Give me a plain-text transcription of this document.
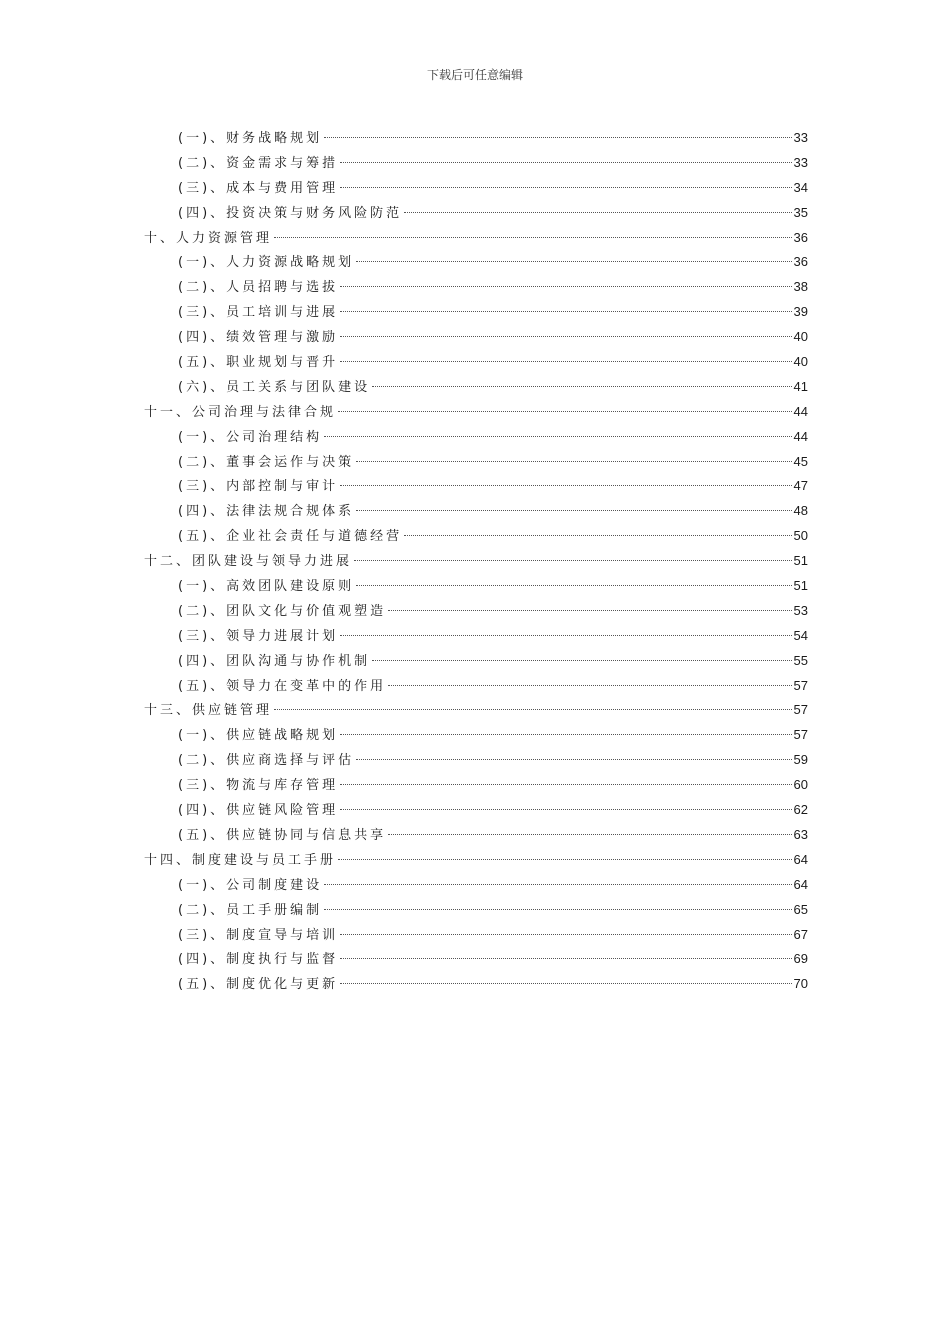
下载后可任意编辑
(一)、财务战略规划	33
(二)、资金需求与筹措	33
(三)、成本与费用管理	34
(四)、投资决策与财务风险防范	35
十、人力资源管理	36
(一)、人力资源战略规划	36
(二)、人员招聘与选拔	38
(三)、员工培训与进展	39
(四)、绩效管理与激励	40
(五)、职业规划与晋升	40
(六)、员工关系与团队建设	41
十一、公司治理与法律合规	44
(一)、公司治理结构	44
(二)、董事会运作与决策	45
(三)、内部控制与审计	47
(四)、法律法规合规体系	48
(五)、企业社会责任与道德经营	50
十二、团队建设与领导力进展	51
(一)、高效团队建设原则	51
(二)、团队文化与价值观塑造	53
(三)、领导力进展计划	54
(四)、团队沟通与协作机制	55
(五)、领导力在变革中的作用	57
十三、供应链管理	57
(一)、供应链战略规划	57
(二)、供应商选择与评估	59
(三)、物流与库存管理	60
(四)、供应链风险管理	62
(五)、供应链协同与信息共享	63
十四、制度建设与员工手册	64
(一)、公司制度建设	64
(二)、员工手册编制	65
(三)、制度宣导与培训	67
(四)、制度执行与监督	69
(五)、制度优化与更新	70
